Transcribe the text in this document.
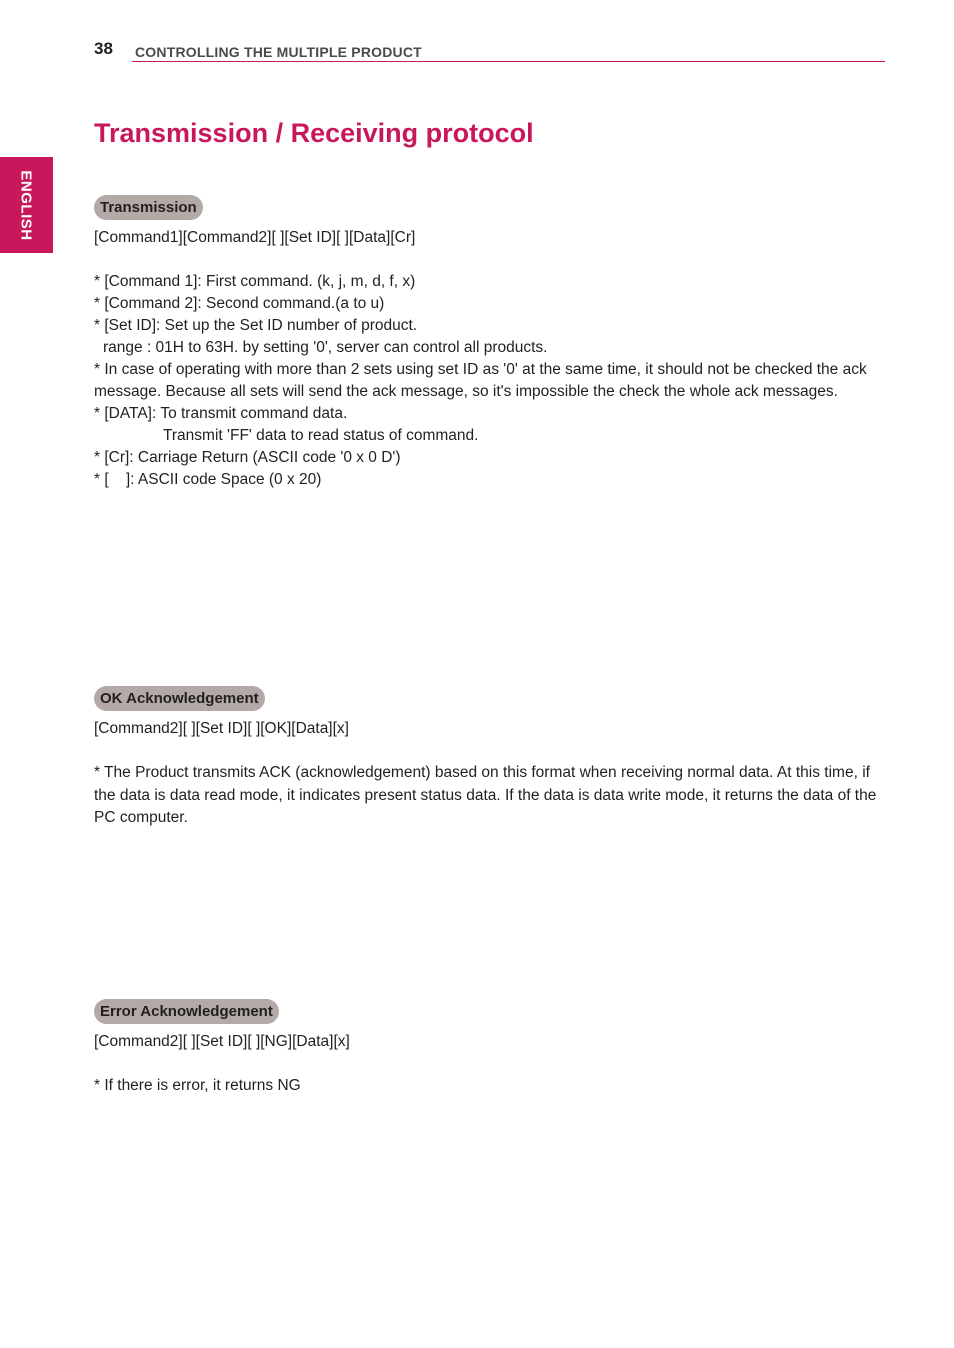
ENGLISH
38 CONTROLLING THE MULTIPLE PRODUCT
Transmission / Receiving protocol
Transmission
[Command1][Command2][ ][Set ID][ ][Data][Cr]
* [Command 1]: First command. (k, j, m, d, f, x)
* [Command 2]: Second command.(a to u)
* [Set ID]: Set up the Set ID number of product.
range : 01H to 63H. by setting '0', server can control all products.
* In case of operating with more than 2 sets using set ID as '0' at the same time, it should not be checked the ack message. Because all sets will send the ack message, so it's impossible the check the whole ack messages.
* [DATA]: To transmit command data.
Transmit 'FF' data to read status of command.
* [Cr]: Carriage Return (ASCII code '0 x 0 D')
* [    ]: ASCII code Space (0 x 20)
OK Acknowledgement
[Command2][ ][Set ID][ ][OK][Data][x]
* The Product transmits ACK (acknowledgement) based on this format when receiving normal data. At this time, if the data is data read mode, it indicates present status data. If the data is data write mode, it returns the data of the PC computer.
Error Acknowledgement
[Command2][ ][Set ID][ ][NG][Data][x]
* If there is error, it returns NG
